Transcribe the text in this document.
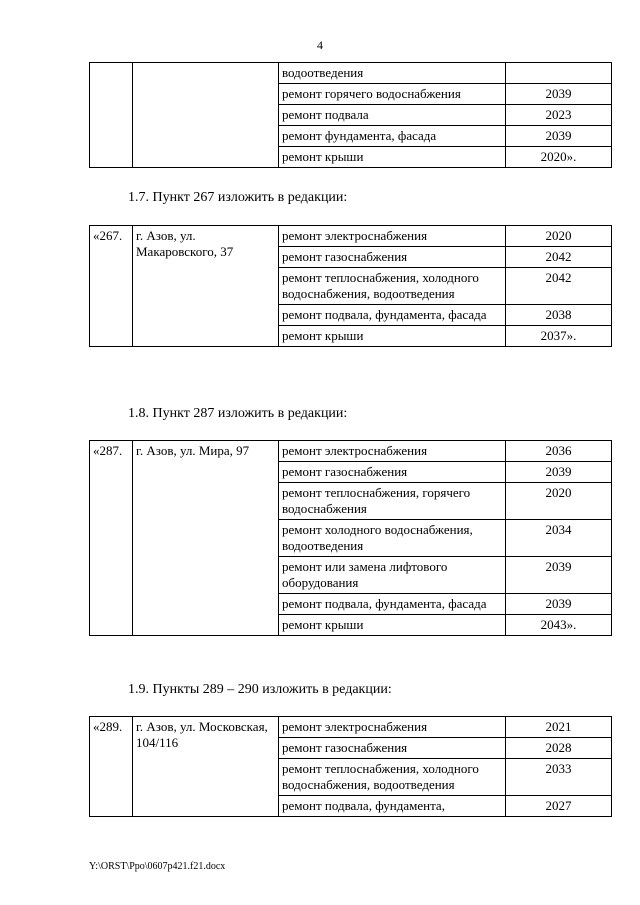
4
		водоотведения	
		ремонт горячего водоснабжения	2039
		ремонт подвала	2023
		ремонт фундамента, фасада	2039
		ремонт крыши	2020».
1.7. Пункт 267 изложить в редакции:
«267.	г. Азов, ул. Макаровского, 37	ремонт электроснабжения	2020
		ремонт газоснабжения	2042
		ремонт теплоснабжения, холодного водоснабжения, водоотведения	2042
		ремонт подвала, фундамента, фасада	2038
		ремонт крыши	2037».
1.8. Пункт 287 изложить в редакции:
«287.	г. Азов, ул. Мира, 97	ремонт электроснабжения	2036
		ремонт газоснабжения	2039
		ремонт теплоснабжения, горячего водоснабжения	2020
		ремонт холодного водоснабжения, водоотведения	2034
		ремонт или замена лифтового оборудования	2039
		ремонт подвала, фундамента, фасада	2039
		ремонт крыши	2043».
1.9. Пункты 289 – 290 изложить в редакции:
«289.	г. Азов, ул. Московская, 104/116	ремонт электроснабжения	2021
		ремонт газоснабжения	2028
		ремонт теплоснабжения, холодного водоснабжения, водоотведения	2033
		ремонт подвала, фундамента,	2027
Y:\ORST\Ppo\0607p421.f21.docx
